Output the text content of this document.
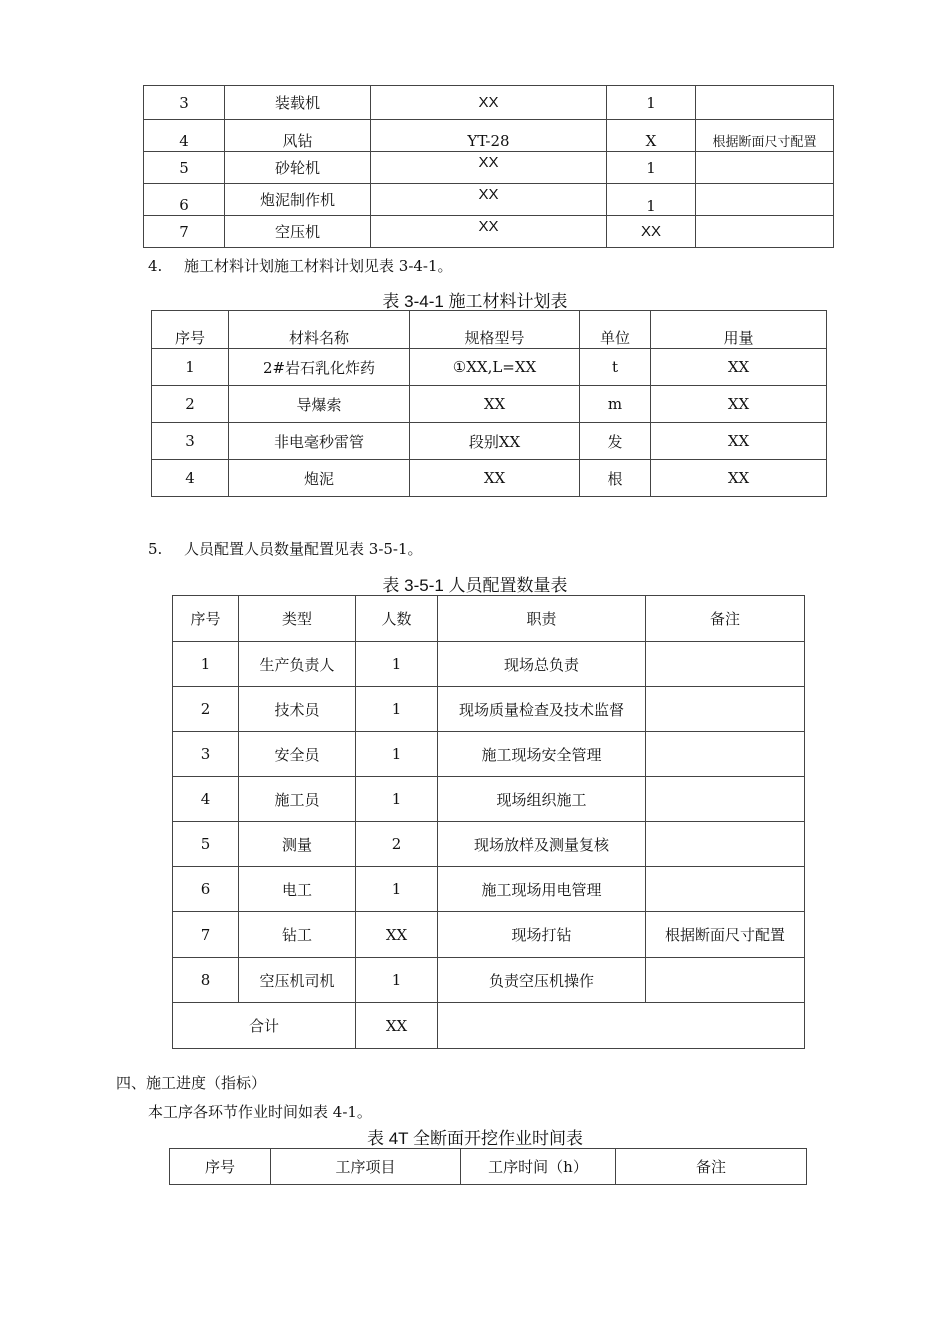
3	装载机	XX	1	
4	风钻	YT-28	X	根据断面尺寸配置
5	砂轮机	XX	1	
6	炮泥制作机	XX	1	
7	空压机	XX	XX	
4. 施工材料计划施工材料计划见表 3-4-1。
表 3-4-1 施工材料计划表
序号	材料名称	规格型号	单位	用量
1	2#岩石乳化炸药	①XX,L=XX	t	XX
2	导爆索	XX	m	XX
3	非电毫秒雷管	段别XX	发	XX
4	炮泥	XX	根	XX
5. 人员配置人员数量配置见表 3-5-1。
表 3-5-1 人员配置数量表
序号	类型	人数	职责	备注
1	生产负责人	1	现场总负责	
2	技术员	1	现场质量检查及技术监督	
3	安全员	1	施工现场安全管理	
4	施工员	1	现场组织施工	
5	测量	2	现场放样及测量复核	
6	电工	1	施工现场用电管理	
7	钻工	XX	现场打钻	根据断面尺寸配置
8	空压机司机	1	负责空压机操作	
合计		XX		
四、施工进度（指标）
本工序各环节作业时间如表 4-1。
表 4T 全断面开挖作业时间表
序号	工序项目	工序时间（h）	备注
